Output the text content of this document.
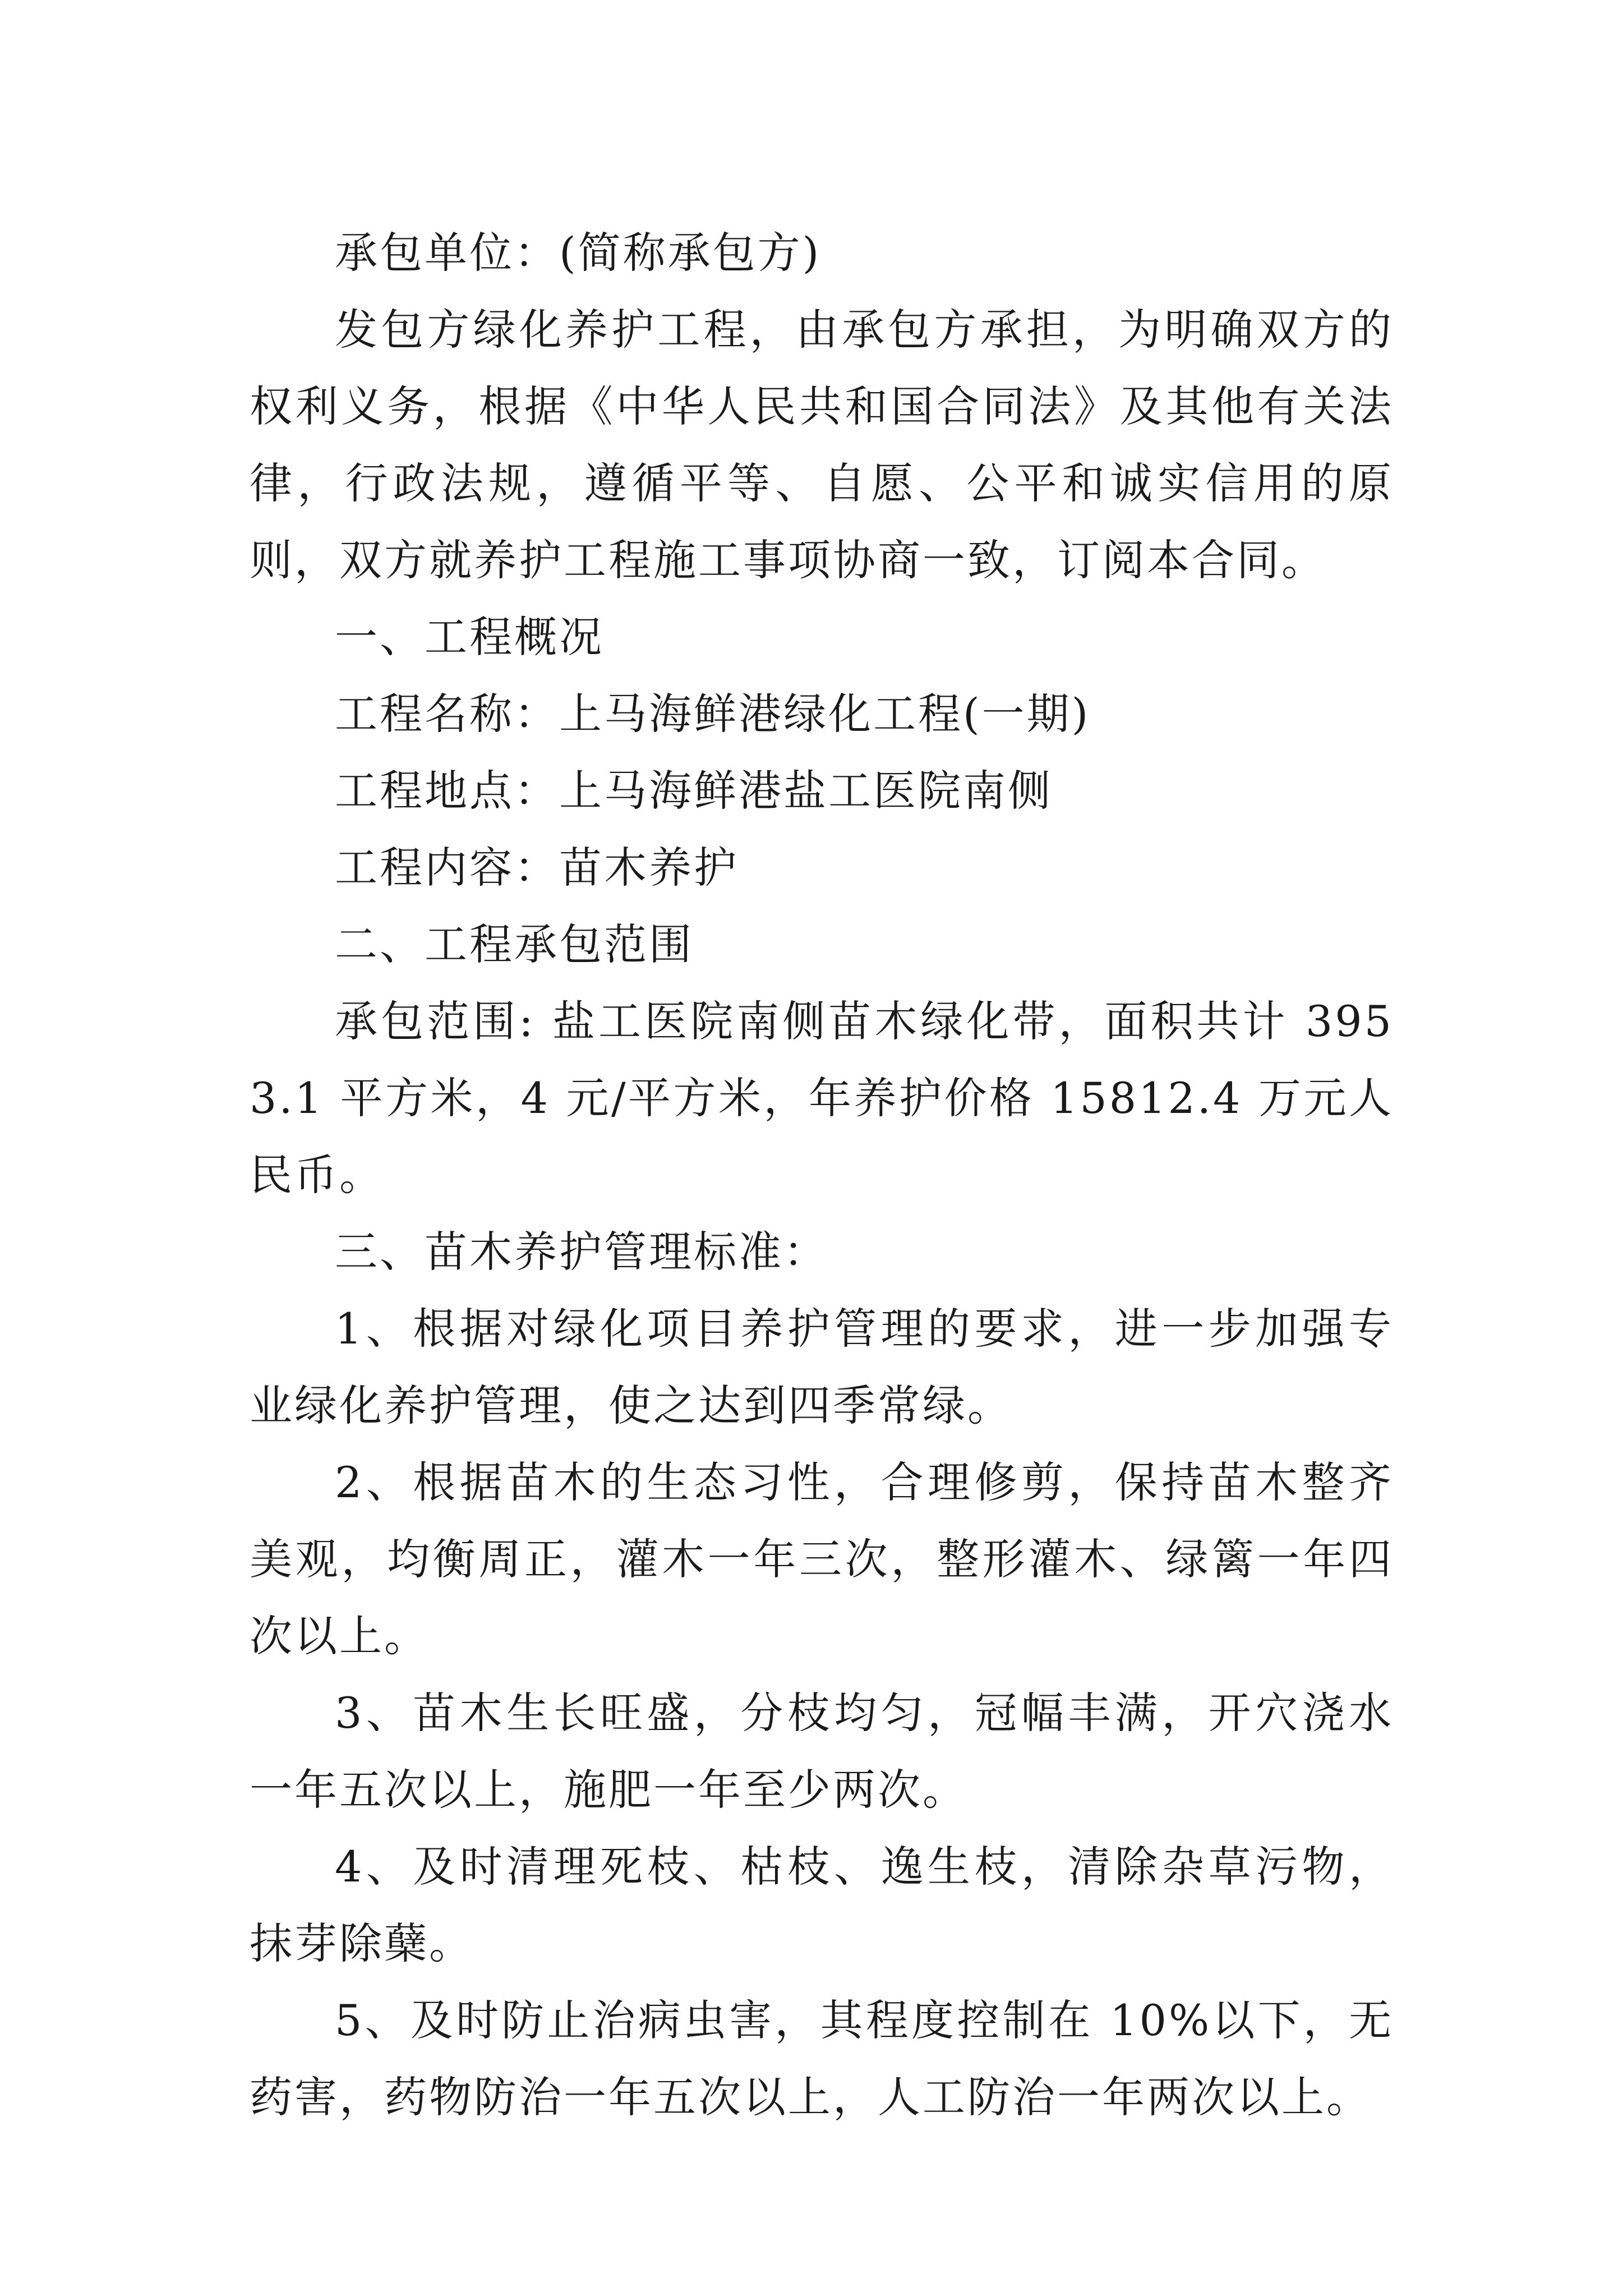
承包单位：(简称承包方)

发包方绿化养护工程，由承包方承担，为明确双方的权利义务，根据《中华人民共和国合同法》及其他有关法律，行政法规，遵循平等、自愿、公平和诚实信用的原则，双方就养护工程施工事项协商一致，订阅本合同。

一、工程概况

工程名称：上马海鲜港绿化工程(一期)

工程地点：上马海鲜港盐工医院南侧

工程内容：苗木养护

二、工程承包范围

承包范围: 盐工医院南侧苗木绿化带，面积共计 3953.1 平方米，4 元/平方米，年养护价格 15812.4 万元人民币。

三、苗木养护管理标准：

1、根据对绿化项目养护管理的要求，进一步加强专业绿化养护管理，使之达到四季常绿。

2、根据苗木的生态习性，合理修剪，保持苗木整齐美观，均衡周正，灌木一年三次，整形灌木、绿篱一年四次以上。

3、苗木生长旺盛，分枝均匀，冠幅丰满，开穴浇水一年五次以上，施肥一年至少两次。

4、及时清理死枝、枯枝、逸生枝，清除杂草污物，抹芽除蘖。

5、及时防止治病虫害，其程度控制在 10%以下，无药害，药物防治一年五次以上，人工防治一年两次以上。
